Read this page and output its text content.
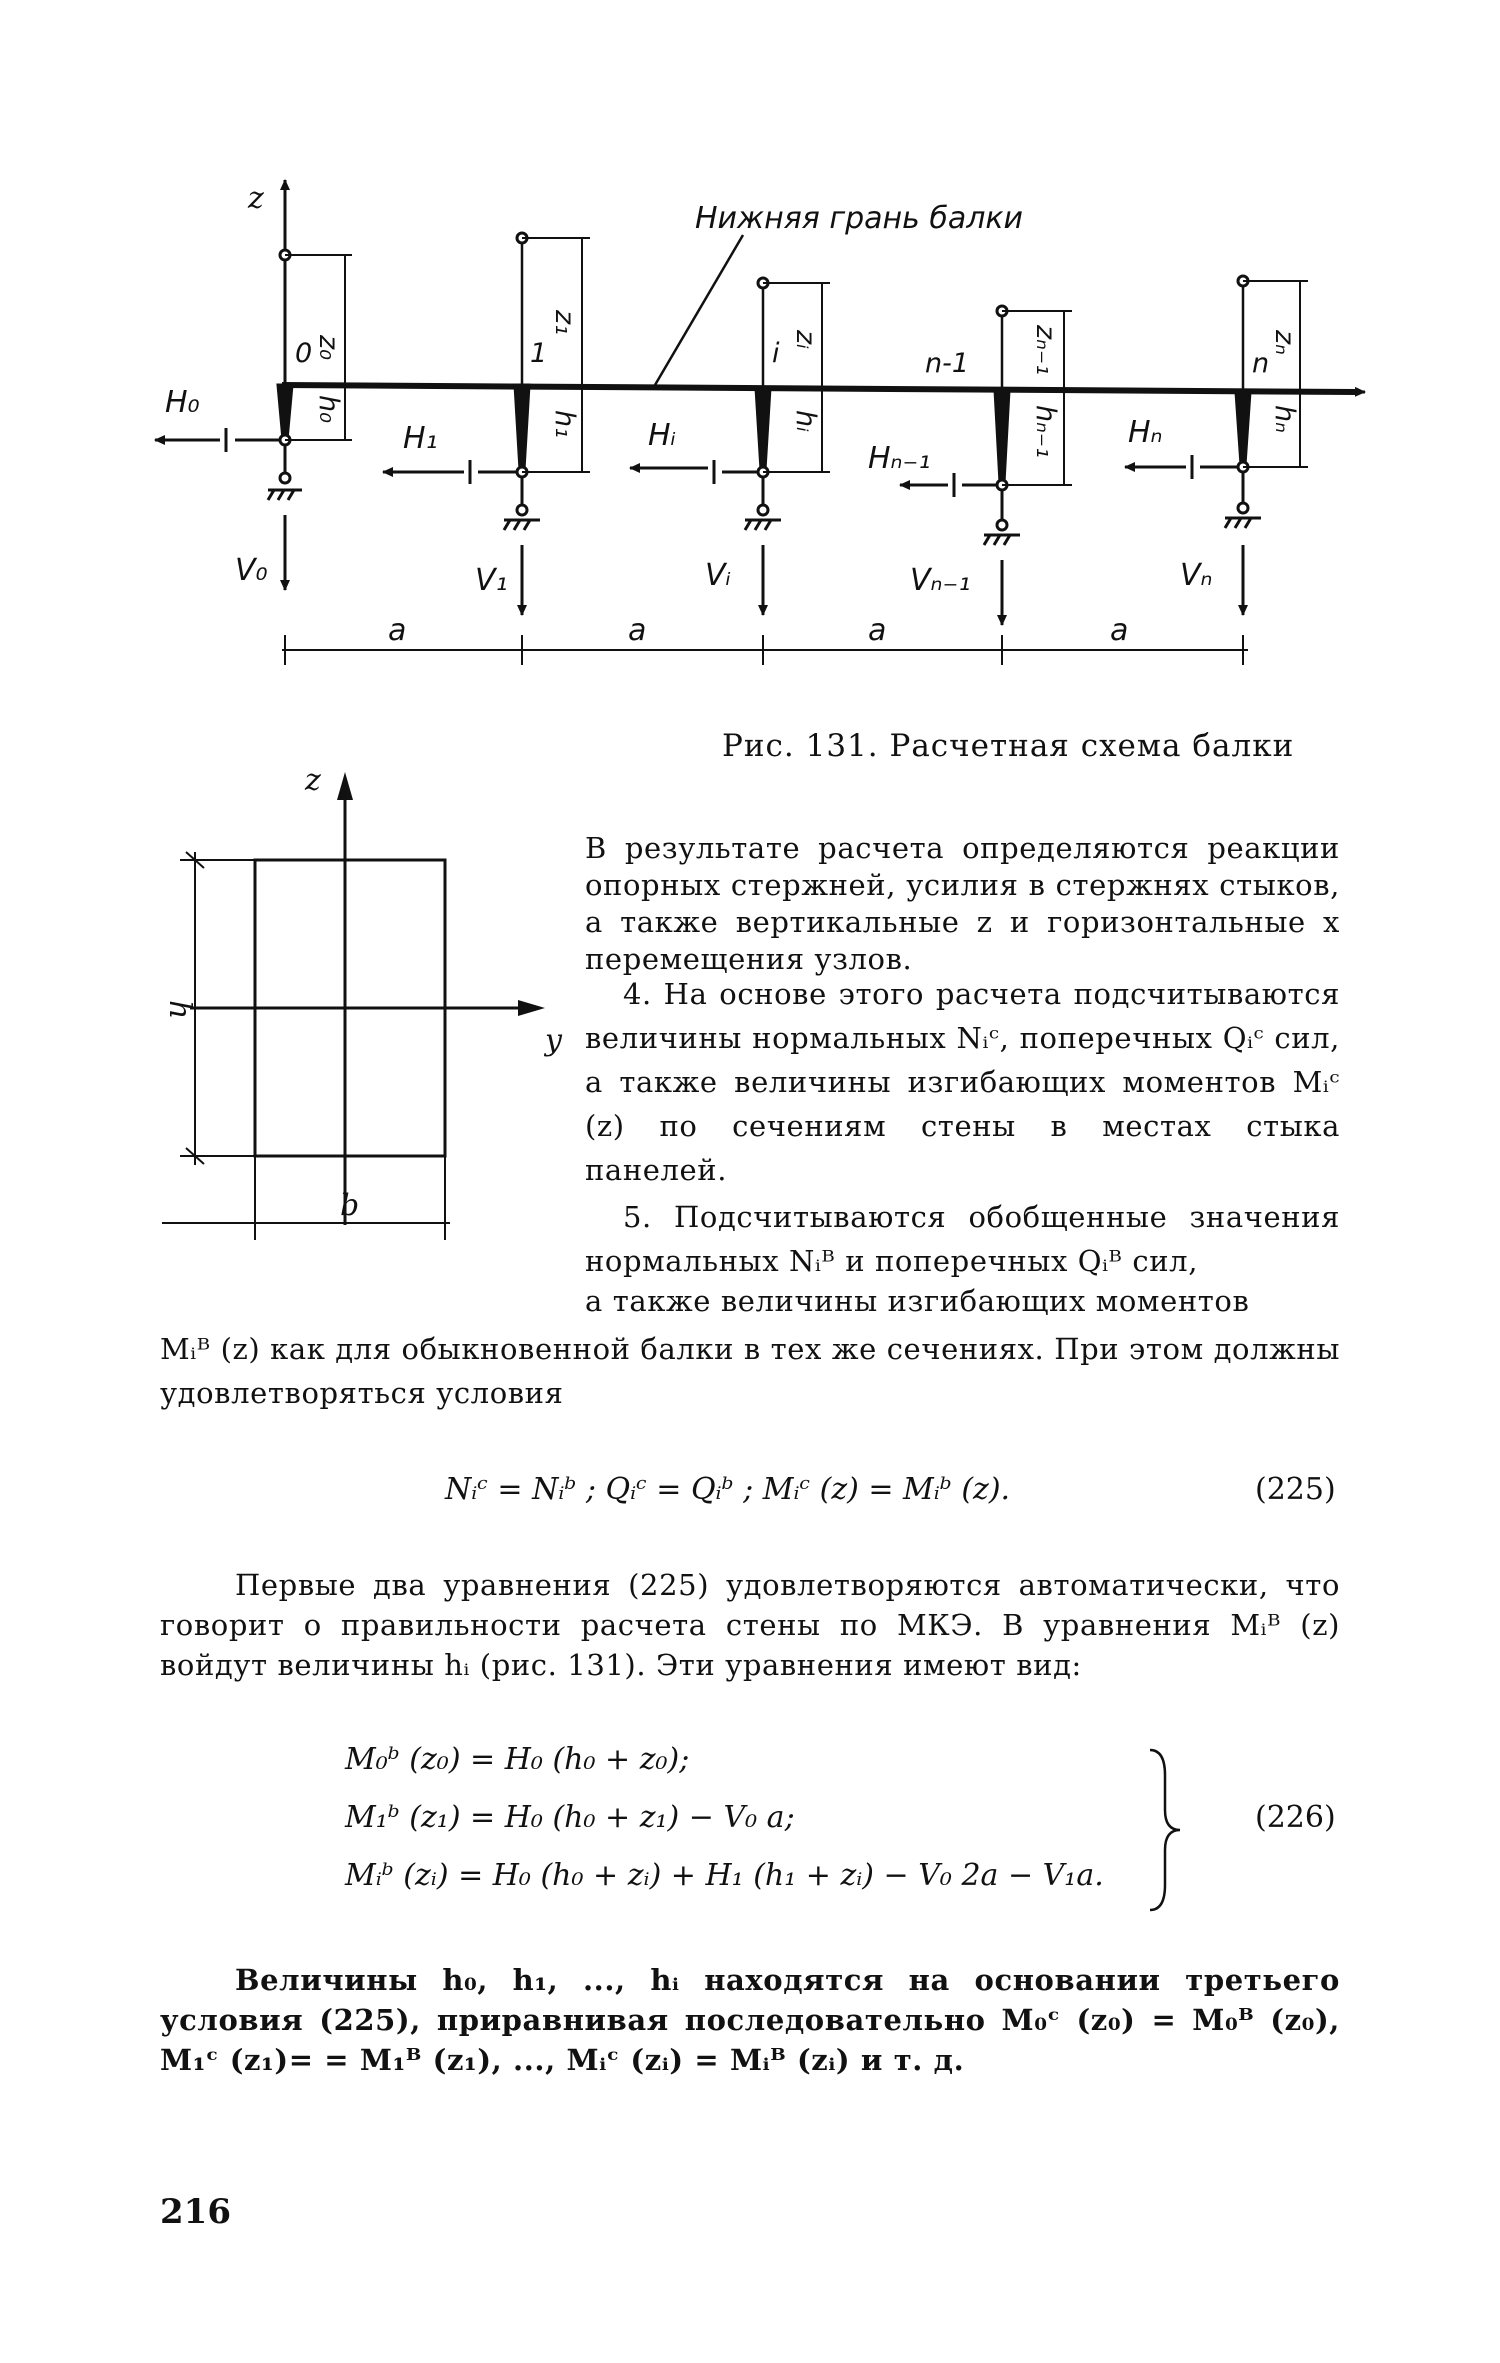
z
Нижняя грань балки
0	1	i	n-1	n
z₀
z₁
zᵢ	zₙ₋₁	zₙ
h₀
h₁	hᵢ	hₙ₋₁	hₙ
H₀
H₁	Hᵢ
Hₙ₋₁
Hₙ
V₀	V₁	Vᵢ	Vₙ₋₁	Vₙ
a	a	a	a
Рис. 131. Расчетная схема балки
z
y
h
b

В результате расчета определяются реакции опорных стержней, усилия в стержнях стыков, а также вертикальные z и горизонтальные x перемещения узлов.

4. На основе этого расчета подсчитываются величины нормальных Nᵢᶜ, поперечных Qᵢᶜ сил, а также величины изгибающих моментов Mᵢᶜ (z) по сечениям стены в местах стыка панелей.

5. Подсчитываются обобщенные значения нормальных Nᵢᴮ и поперечных Qᵢᴮ сил,

а также величины изгибающих моментов

Mᵢᴮ (z) как для обыкновенной балки в тех же сечениях. При этом должны удовлетворяться условия

Nᵢᶜ = Nᵢᵇ ; Qᵢᶜ = Qᵢᵇ ; Mᵢᶜ (z) = Mᵢᵇ (z).	(225)

Первые два уравнения (225) удовлетворяются автоматически, что говорит о правильности расчета стены по МКЭ. В уравнения Mᵢᴮ (z) войдут величины hᵢ (рис. 131). Эти уравнения имеют вид:

M₀ᵇ (z₀) = H₀ (h₀ + z₀);
M₁ᵇ (z₁) = H₀ (h₀ + z₁) − V₀ a;
Mᵢᵇ (zᵢ) = H₀ (h₀ + zᵢ) + H₁ (h₁ + zᵢ) − V₀ 2a − V₁a.
(226)

Величины h₀, h₁, ..., hᵢ находятся на основании третьего условия (225), приравнивая последовательно M₀ᶜ (z₀) = M₀ᴮ (z₀), M₁ᶜ (z₁)= = M₁ᴮ (z₁), ..., Mᵢᶜ (zᵢ) = Mᵢᴮ (zᵢ) и т. д.

216
